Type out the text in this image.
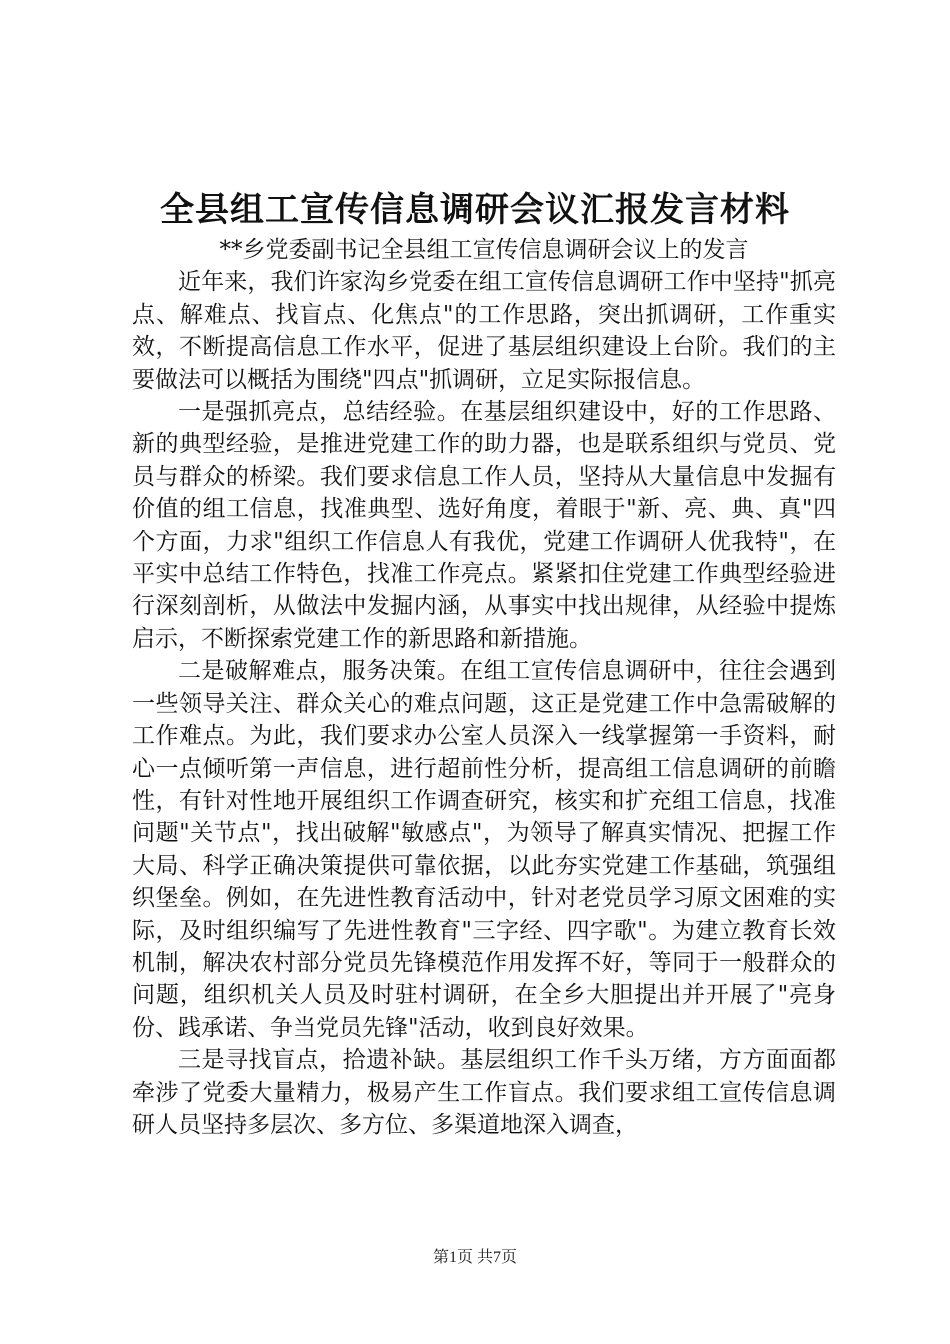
全县组工宣传信息调研会议汇报发言材料

**乡党委副书记全县组工宣传信息调研会议上的发言

近年来，我们许家沟乡党委在组工宣传信息调研工作中坚持"抓亮点、解难点、找盲点、化焦点"的工作思路，突出抓调研，工作重实效，不断提高信息工作水平，促进了基层组织建设上台阶。我们的主要做法可以概括为围绕"四点"抓调研，立足实际报信息。

一是强抓亮点，总结经验。在基层组织建设中，好的工作思路、新的典型经验，是推进党建工作的助力器，也是联系组织与党员、党员与群众的桥梁。我们要求信息工作人员，坚持从大量信息中发掘有价值的组工信息，找准典型、选好角度，着眼于"新、亮、典、真"四个方面，力求"组织工作信息人有我优，党建工作调研人优我特"，在平实中总结工作特色，找准工作亮点。紧紧扣住党建工作典型经验进行深刻剖析，从做法中发掘内涵，从事实中找出规律，从经验中提炼启示，不断探索党建工作的新思路和新措施。

二是破解难点，服务决策。在组工宣传信息调研中，往往会遇到一些领导关注、群众关心的难点问题，这正是党建工作中急需破解的工作难点。为此，我们要求办公室人员深入一线掌握第一手资料，耐心一点倾听第一声信息，进行超前性分析，提高组工信息调研的前瞻性，有针对性地开展组织工作调查研究，核实和扩充组工信息，找准问题"关节点"，找出破解"敏感点"，为领导了解真实情况、把握工作大局、科学正确决策提供可靠依据，以此夯实党建工作基础，筑强组织堡垒。例如，在先进性教育活动中，针对老党员学习原文困难的实际，及时组织编写了先进性教育"三字经、四字歌"。为建立教育长效机制，解决农村部分党员先锋模范作用发挥不好，等同于一般群众的问题，组织机关人员及时驻村调研，在全乡大胆提出并开展了"亮身份、践承诺、争当党员先锋"活动，收到良好效果。

三是寻找盲点，拾遗补缺。基层组织工作千头万绪，方方面面都牵涉了党委大量精力，极易产生工作盲点。我们要求组工宣传信息调研人员坚持多层次、多方位、多渠道地深入调查，

第1页 共7页
